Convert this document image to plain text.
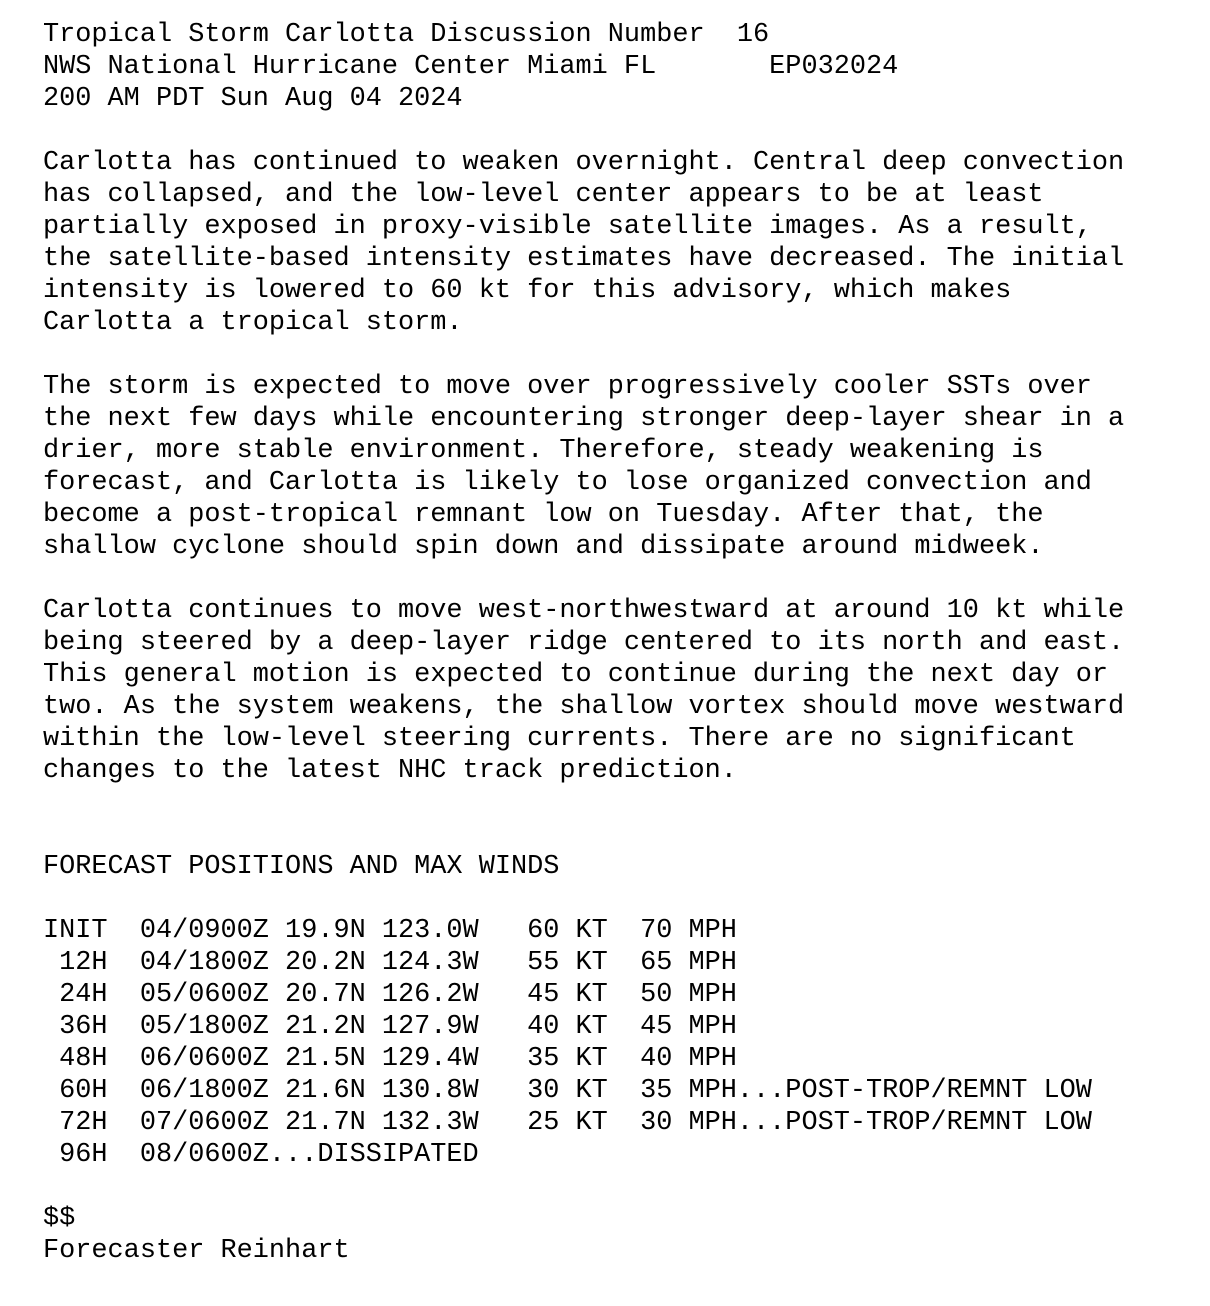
Tropical Storm Carlotta Discussion Number  16
NWS National Hurricane Center Miami FL       EP032024
200 AM PDT Sun Aug 04 2024
Carlotta has continued to weaken overnight. Central deep convection
has collapsed, and the low-level center appears to be at least
partially exposed in proxy-visible satellite images. As a result,
the satellite-based intensity estimates have decreased. The initial
intensity is lowered to 60 kt for this advisory, which makes
Carlotta a tropical storm.
The storm is expected to move over progressively cooler SSTs over
the next few days while encountering stronger deep-layer shear in a
drier, more stable environment. Therefore, steady weakening is
forecast, and Carlotta is likely to lose organized convection and
become a post-tropical remnant low on Tuesday. After that, the
shallow cyclone should spin down and dissipate around midweek.
Carlotta continues to move west-northwestward at around 10 kt while
being steered by a deep-layer ridge centered to its north and east.
This general motion is expected to continue during the next day or
two. As the system weakens, the shallow vortex should move westward
within the low-level steering currents. There are no significant
changes to the latest NHC track prediction.
FORECAST POSITIONS AND MAX WINDS
INIT  04/0900Z 19.9N 123.0W   60 KT  70 MPH
12H  04/1800Z 20.2N 124.3W   55 KT  65 MPH
24H  05/0600Z 20.7N 126.2W   45 KT  50 MPH
36H  05/1800Z 21.2N 127.9W   40 KT  45 MPH
48H  06/0600Z 21.5N 129.4W   35 KT  40 MPH
60H  06/1800Z 21.6N 130.8W   30 KT  35 MPH...POST-TROP/REMNT LOW
72H  07/0600Z 21.7N 132.3W   25 KT  30 MPH...POST-TROP/REMNT LOW
96H  08/0600Z...DISSIPATED
$$
Forecaster Reinhart
